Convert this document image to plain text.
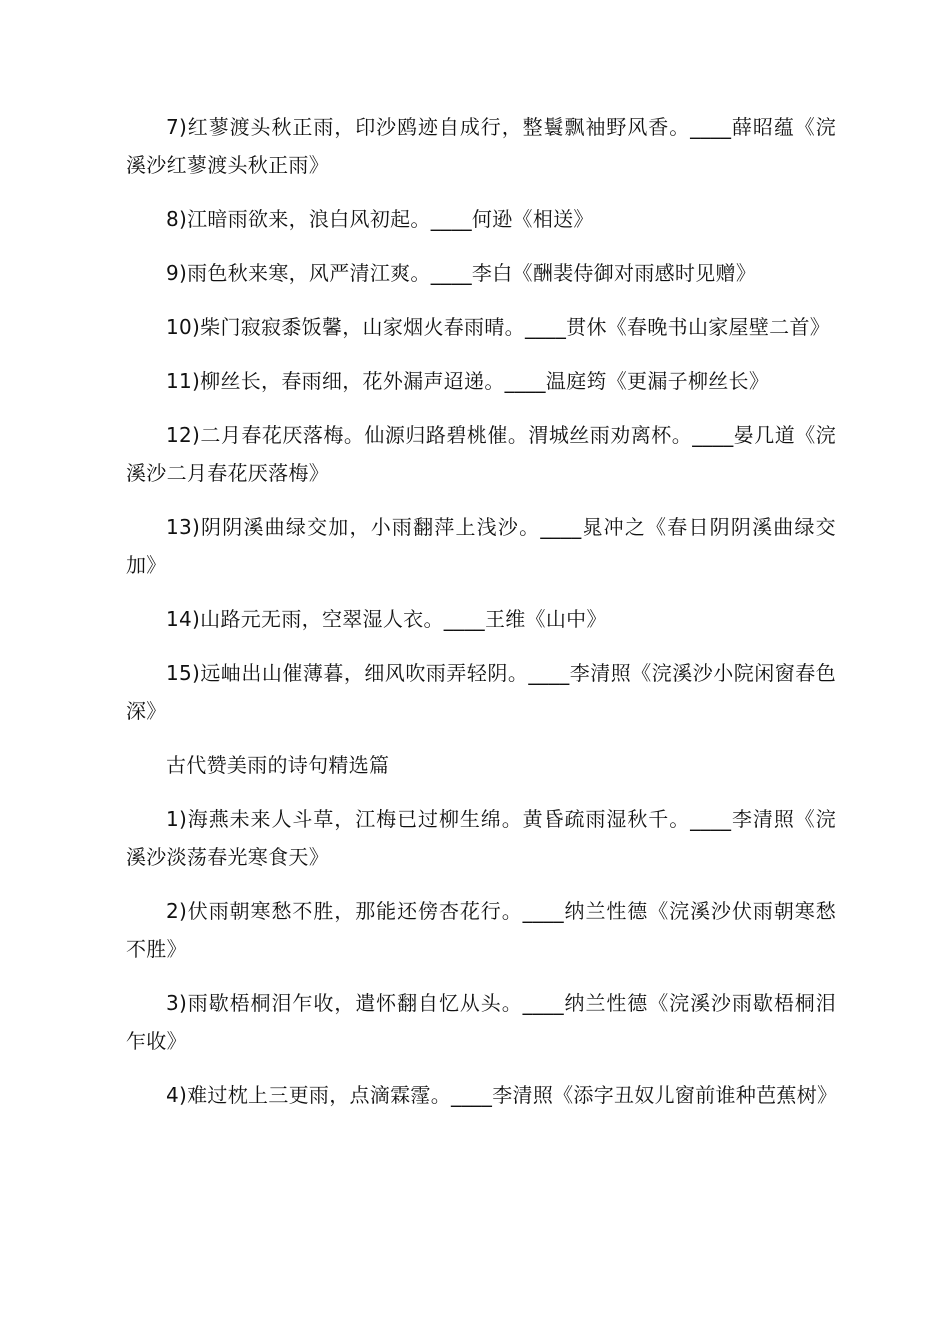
7)红蓼渡头秋正雨，印沙鸥迹自成行，整鬟飘袖野风香。____薛昭蕴《浣溪沙红蓼渡头秋正雨》

8)江暗雨欲来，浪白风初起。____何逊《相送》

9)雨色秋来寒，风严清江爽。____李白《酬裴侍御对雨感时见赠》

10)柴门寂寂黍饭馨，山家烟火春雨晴。____贯休《春晚书山家屋壁二首》

11)柳丝长，春雨细，花外漏声迢递。____温庭筠《更漏子柳丝长》

12)二月春花厌落梅。仙源归路碧桃催。渭城丝雨劝离杯。____晏几道《浣溪沙二月春花厌落梅》

13)阴阴溪曲绿交加，小雨翻萍上浅沙。____晁冲之《春日阴阴溪曲绿交加》

14)山路元无雨，空翠湿人衣。____王维《山中》

15)远岫出山催薄暮，细风吹雨弄轻阴。____李清照《浣溪沙小院闲窗春色深》

古代赞美雨的诗句精选篇

1)海燕未来人斗草，江梅已过柳生绵。黄昏疏雨湿秋千。____李清照《浣溪沙淡荡春光寒食天》

2)伏雨朝寒愁不胜，那能还傍杏花行。____纳兰性德《浣溪沙伏雨朝寒愁不胜》

3)雨歇梧桐泪乍收，遣怀翻自忆从头。____纳兰性德《浣溪沙雨歇梧桐泪乍收》

4)难过枕上三更雨，点滴霖霪。____李清照《添字丑奴儿窗前谁种芭蕉树》
